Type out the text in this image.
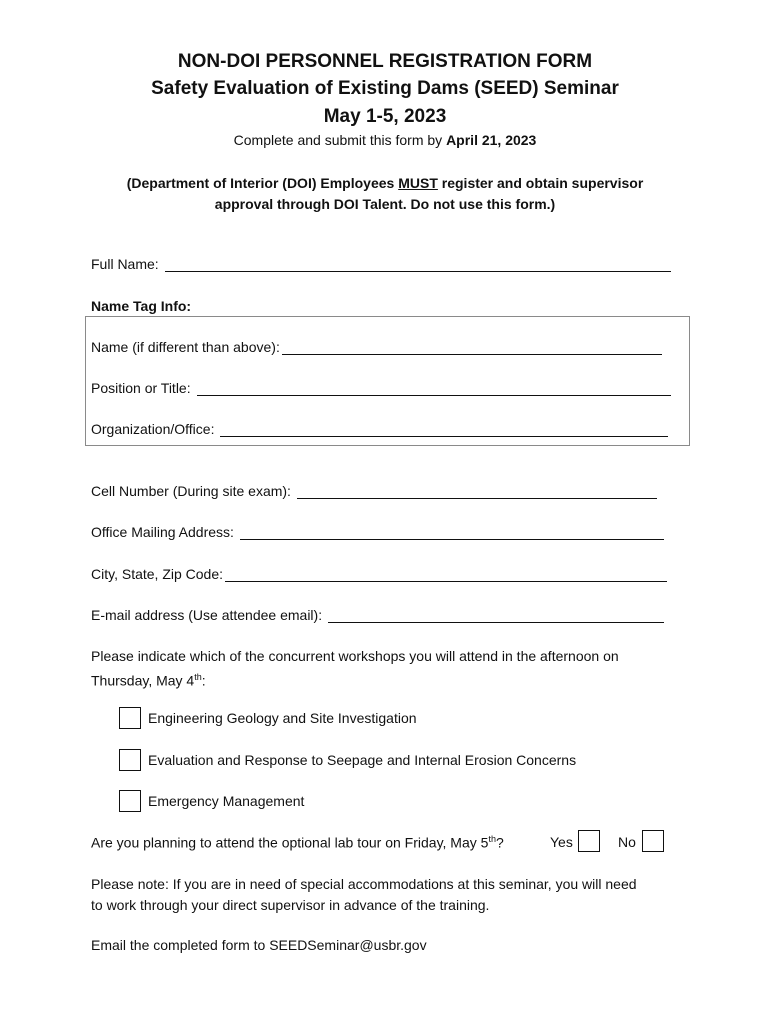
NON-DOI PERSONNEL REGISTRATION FORM
Safety Evaluation of Existing Dams (SEED) Seminar
May 1-5, 2023
Complete and submit this form by April 21, 2023
(Department of Interior (DOI) Employees MUST register and obtain supervisor
approval through DOI Talent. Do not use this form.)
Full Name:
Name Tag Info:
Name (if different than above):
Position or Title:
Organization/Office:
Cell Number (During site exam):
Office Mailing Address:
City, State, Zip Code:
E-mail address (Use attendee email):
Please indicate which of the concurrent workshops you will attend in the afternoon on
Thursday, May 4th:
Engineering Geology and Site Investigation
Evaluation and Response to Seepage and Internal Erosion Concerns
Emergency Management
Are you planning to attend the optional lab tour on Friday, May 5th?	Yes	No
Please note: If you are in need of special accommodations at this seminar, you will need
to work through your direct supervisor in advance of the training.
Email the completed form to SEEDSeminar@usbr.gov
